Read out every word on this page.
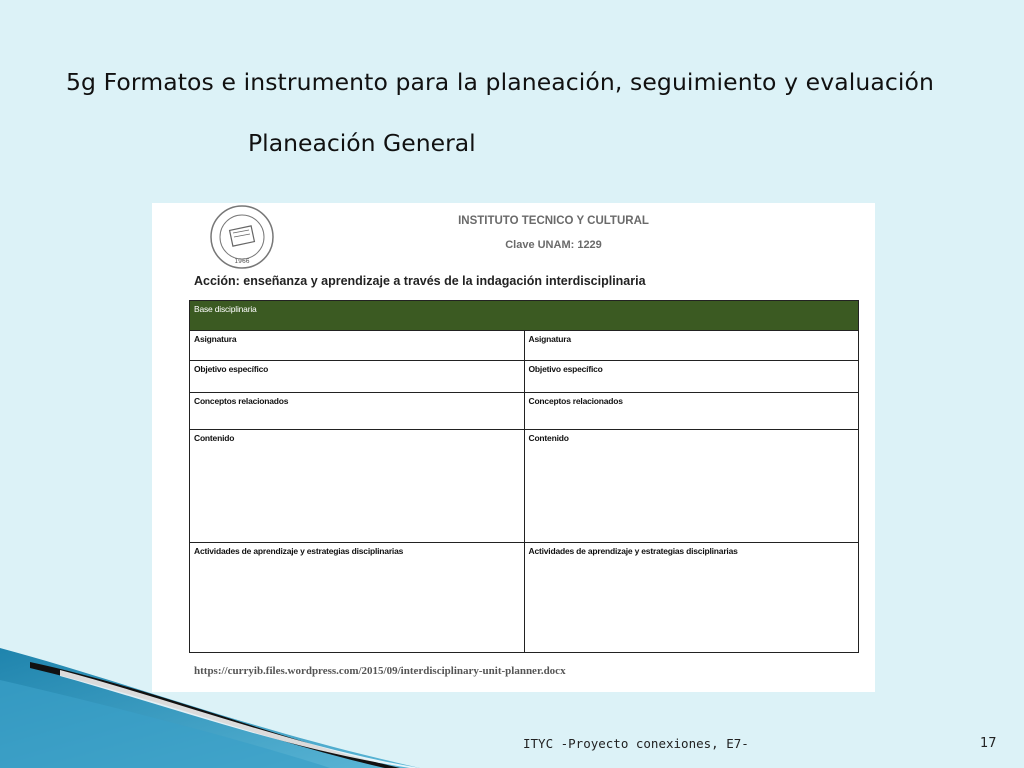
5g Formatos e instrumento para la planeación, seguimiento y evaluación
Planeación General
1966
INSTITUTO TECNICO Y CULTURAL
Clave UNAM: 1229
Acción: enseñanza y aprendizaje a través de la indagación interdisciplinaria
Base disciplinaria	
Asignatura	Asignatura
Objetivo específico	Objetivo específico
Conceptos relacionados	Conceptos relacionados
Contenido	Contenido
Actividades de aprendizaje y estrategias disciplinarias	Actividades de aprendizaje y estrategias disciplinarias
https://curryib.files.wordpress.com/2015/09/interdisciplinary-unit-planner.docx
ITYC -Proyecto conexiones, E7-	17
